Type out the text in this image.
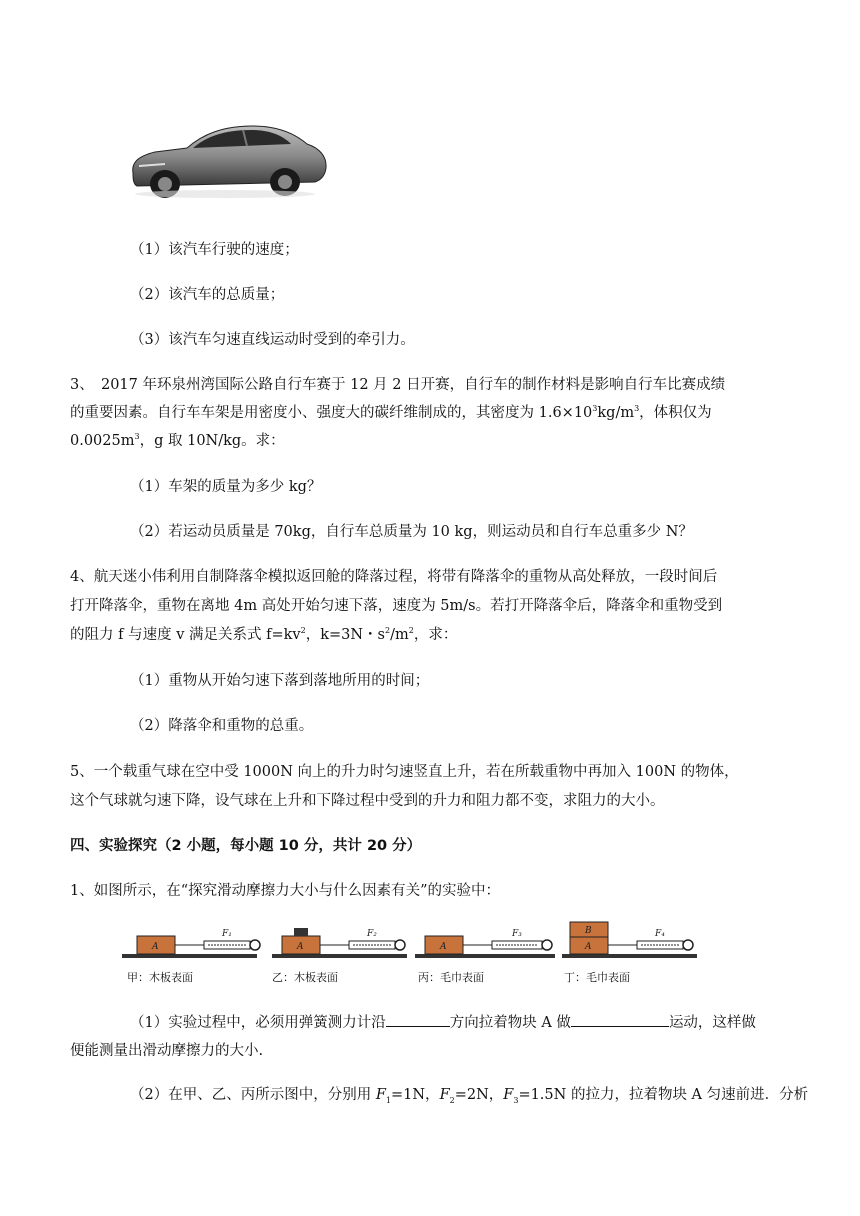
（1）该汽车行驶的速度；
（2）该汽车的总质量；
（3）该汽车匀速直线运动时受到的牵引力。
3、　2017 年环泉州湾国际公路自行车赛于 12 月 2 日开赛，自行车的制作材料是影响自行车比赛成绩
的重要因素。自行车车架是用密度小、强度大的碳纤维制成的，其密度为 $1.6\times 10^3kg/m^3$，体积仅为
$0.0025m^3$，g 取 10N/kg。求：
（1）车架的质量为多少 kg？
（2）若运动员质量是 70kg，自行车总质量为 10 kg，则运动员和自行车总重多少 N？
4、航天迷小伟利用自制降落伞模拟返回舱的降落过程，将带有降落伞的重物从高处释放，一段时间后
打开降落伞，重物在离地 4m 高处开始匀速下落，速度为 5m/s。若打开降落伞后，降落伞和重物受到
的阻力 f 与速度 v 满足关系式 $f=kv^2$，k=3N・$s^2/m^2$，求：
（1）重物从开始匀速下落到落地所用的时间；
（2）降落伞和重物的总重。
5、一个载重气球在空中受 1000N 向上的升力时匀速竖直上升，若在所载重物中再加入 100N 的物体，
这个气球就匀速下降，设气球在上升和下降过程中受到的升力和阻力都不变，求阻力的大小。
四、实验探究（2 小题，每小题 10 分，共计 20 分）
1、如图所示，在“探究滑动摩擦力大小与什么因素有关”的实验中：
A
F₁
甲：木板表面
A
F₂
乙：木板表面
A
F₃
丙：毛巾表面
B
A
F₄
丁：毛巾表面
（1）实验过程中，必须用弹簧测力计沿	方向拉着物块 A 做	运动，这样做
便能测量出滑动摩擦力的大小.
（2）在甲、乙、丙所示图中，分别用 $F_1=1N$，$F_2=2N$，$F_3=1.5N$ 的拉力，拉着物块 A 匀速前进．分析
